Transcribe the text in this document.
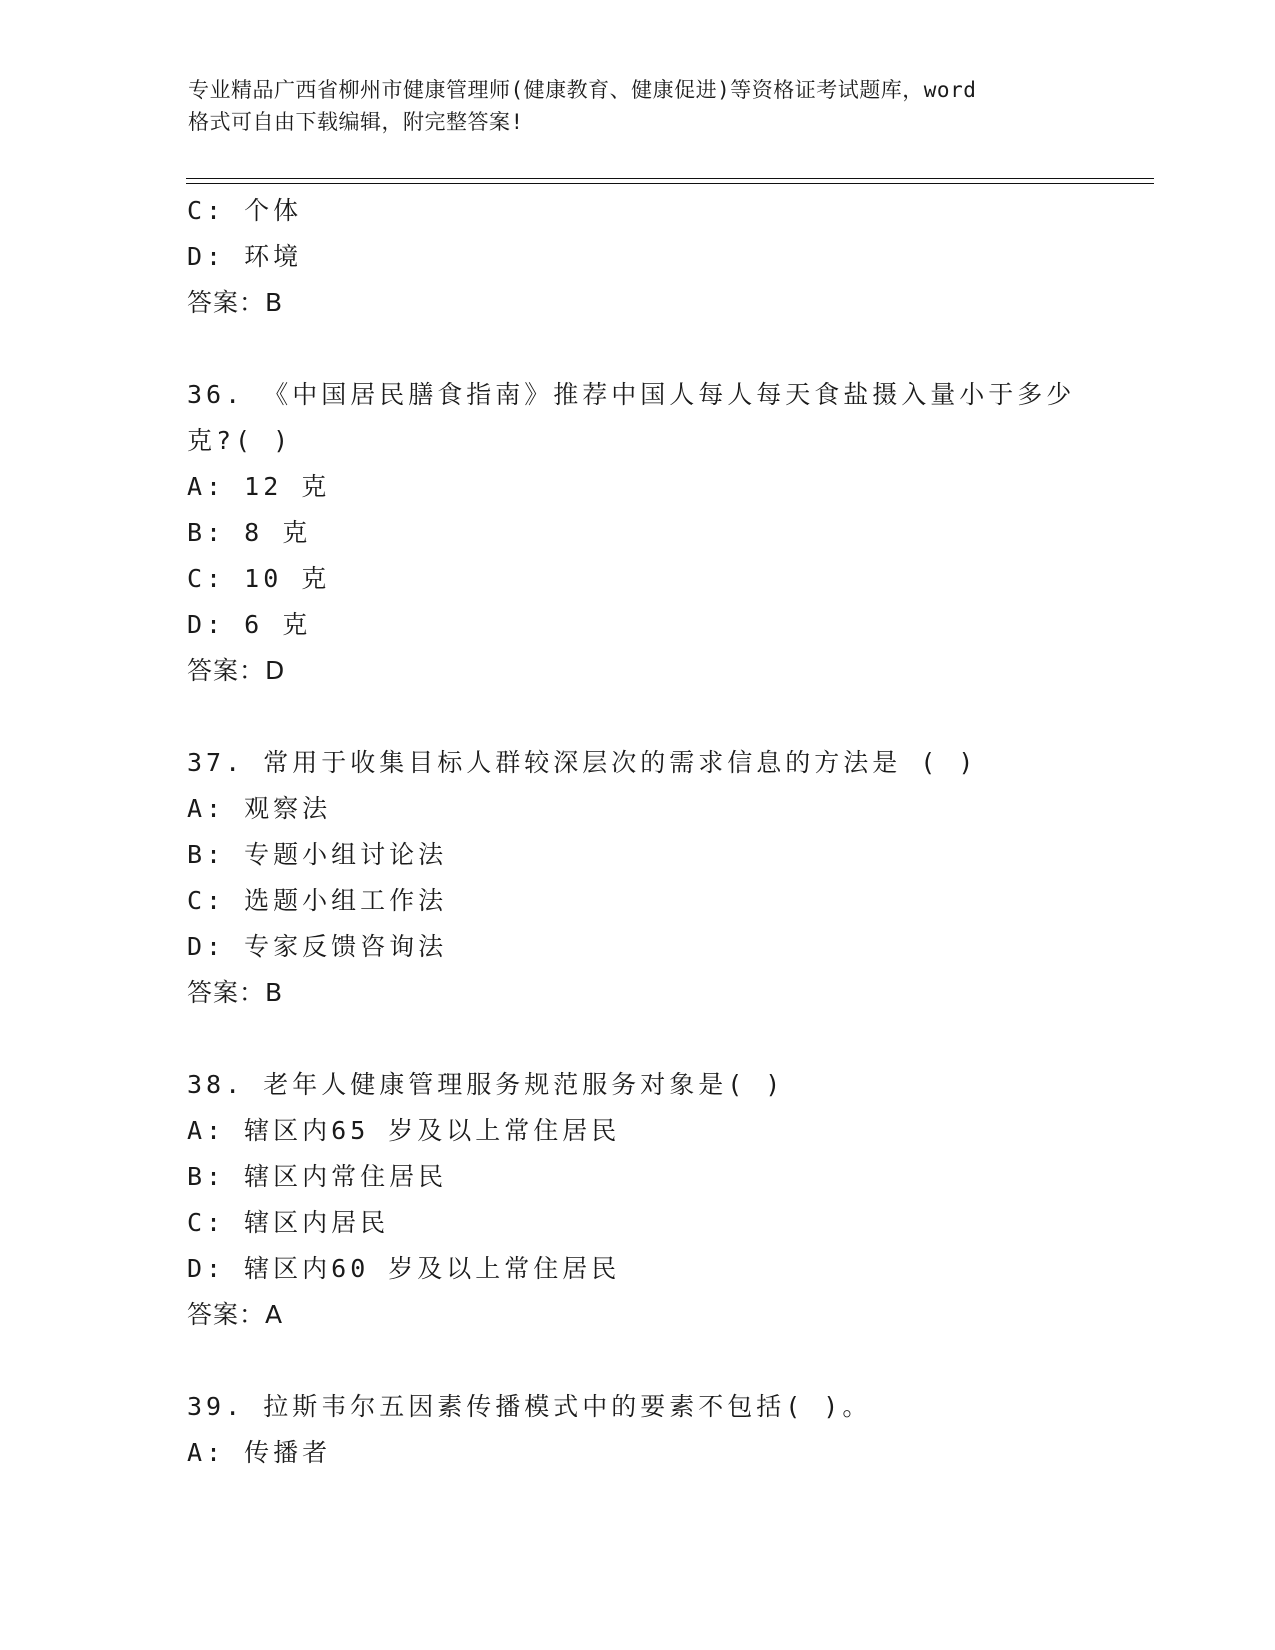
专业精品广西省柳州市健康管理师(健康教育、健康促进)等资格证考试题库，word
格式可自由下载编辑，附完整答案!
C: 个体
D: 环境
答案：B
36. 《中国居民膳食指南》推荐中国人每人每天食盐摄入量小于多少
克?( )
A: 12 克
B: 8 克
C: 10 克
D: 6 克
答案：D
37. 常用于收集目标人群较深层次的需求信息的方法是 ( )
A: 观察法
B: 专题小组讨论法
C: 选题小组工作法
D: 专家反馈咨询法
答案：B
38. 老年人健康管理服务规范服务对象是( )
A: 辖区内65 岁及以上常住居民
B: 辖区内常住居民
C: 辖区内居民
D: 辖区内60 岁及以上常住居民
答案：A
39. 拉斯韦尔五因素传播模式中的要素不包括( )。
A: 传播者
